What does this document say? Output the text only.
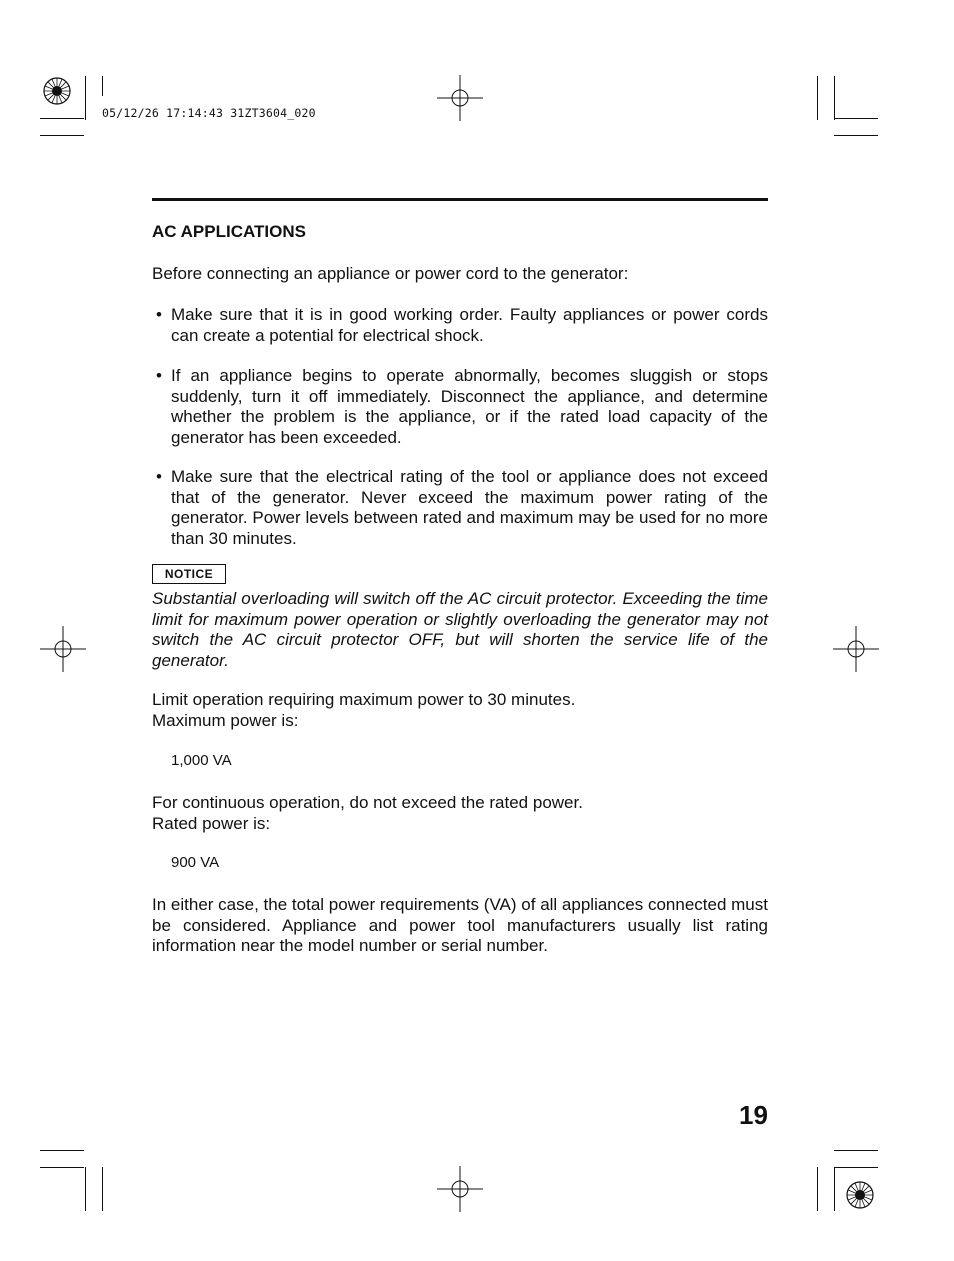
05/12/26 17:14:43 31ZT3604_020
AC APPLICATIONS
Before connecting an appliance or power cord to the generator:
• Make sure that it is in good working order. Faulty appliances or power cords can create a potential for electrical shock.
• If an appliance begins to operate abnormally, becomes sluggish or stops suddenly, turn it off immediately. Disconnect the appliance, and determine whether the problem is the appliance, or if the rated load capacity of the generator has been exceeded.
• Make sure that the electrical rating of the tool or appliance does not exceed that of the generator. Never exceed the maximum power rating of the generator. Power levels between rated and maximum may be used for no more than 30 minutes.
NOTICE
Substantial overloading will switch off the AC circuit protector. Exceeding the time limit for maximum power operation or slightly overloading the generator may not switch the AC circuit protector OFF, but will shorten the service life of the generator.
Limit operation requiring maximum power to 30 minutes.
Maximum power is:
1,000 VA
For continuous operation, do not exceed the rated power.
Rated power is:
900 VA
In either case, the total power requirements (VA) of all appliances connected must be considered. Appliance and power tool manufacturers usually list rating information near the model number or serial number.
19
